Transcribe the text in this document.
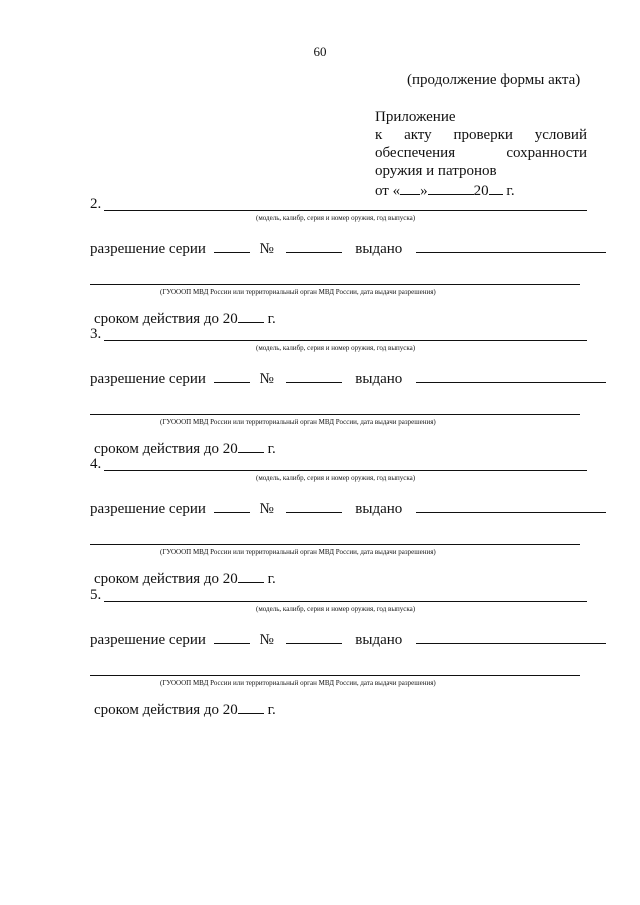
60
(продолжение формы акта)
Приложение
к акту проверки условий
обеспечения	сохранности
оружия и патронов
от « »	20 г.
2.
(модель, калибр, серия и номер оружия, год выпуска)
разрешение серии	№	выдано
(ГУОООП МВД России или территориальный орган МВД России, дата выдачи разрешения)
сроком действия до 20 г.
3.
(модель, калибр, серия и номер оружия, год выпуска)
разрешение серии	№	выдано
(ГУОООП МВД России или территориальный орган МВД России, дата выдачи разрешения)
сроком действия до 20 г.
4.
(модель, калибр, серия и номер оружия, год выпуска)
разрешение серии	№	выдано
(ГУОООП МВД России или территориальный орган МВД России, дата выдачи разрешения)
сроком действия до 20 г.
5.
(модель, калибр, серия и номер оружия, год выпуска)
разрешение серии	№	выдано
(ГУОООП МВД России или территориальный орган МВД России, дата выдачи разрешения)
сроком действия до 20 г.
